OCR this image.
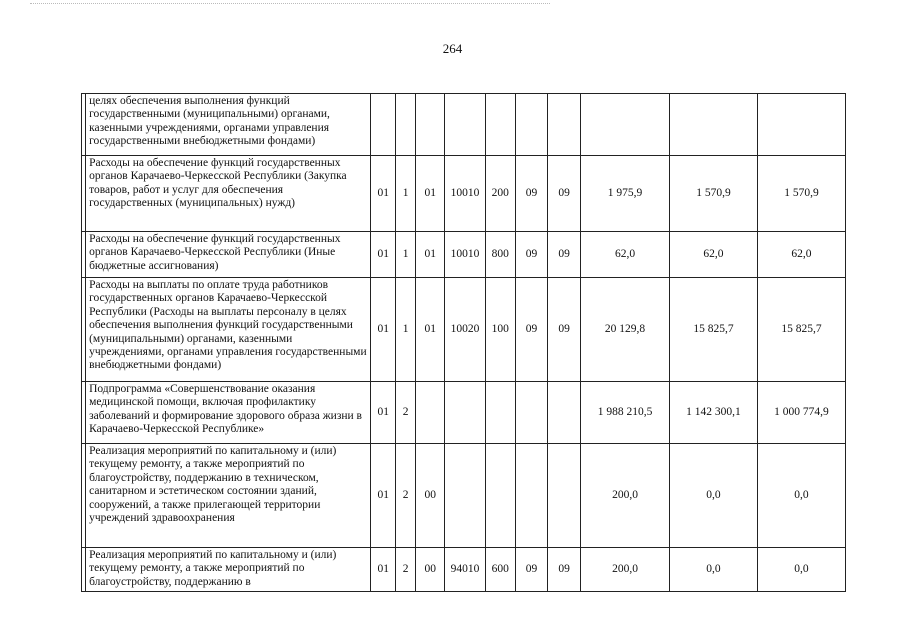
264
	целях обеспечения выполнения функций государственными (муниципальными) органами, казенными учреждениями, органами управления государственными внебюджетными фондами)										
	Расходы на обеспечение функций государственных органов Карачаево-Черкесской Республики (Закупка товаров, работ и услуг для обеспечения государственных (муниципальных) нужд)	01	1	01	10010	200	09	09	1 975,9	1 570,9	1 570,9
	Расходы на обеспечение функций государственных органов Карачаево-Черкесской Республики (Иные бюджетные ассигнования)	01	1	01	10010	800	09	09	62,0	62,0	62,0
	Расходы на выплаты по оплате труда работников государственных органов Карачаево-Черкесской Республики (Расходы на выплаты персоналу в целях обеспечения выполнения функций государственными (муниципальными) органами, казенными учреждениями, органами управления государственными внебюджетными фондами)	01	1	01	10020	100	09	09	20 129,8	15 825,7	15 825,7
	Подпрограмма «Совершенствование оказания медицинской помощи, включая профилактику заболеваний и формирование здорового образа жизни в Карачаево-Черкесской Республике»	01	2						1 988 210,5	1 142 300,1	1 000 774,9
	Реализация мероприятий по капитальному и (или) текущему ремонту, а также мероприятий по благоустройству, поддержанию в техническом, санитарном и эстетическом состоянии зданий, сооружений, а также прилегающей территории учреждений здравоохранения	01	2	00					200,0	0,0	0,0
	Реализация мероприятий по капитальному и (или) текущему ремонту, а также мероприятий по благоустройству, поддержанию в	01	2	00	94010	600	09	09	200,0	0,0	0,0
